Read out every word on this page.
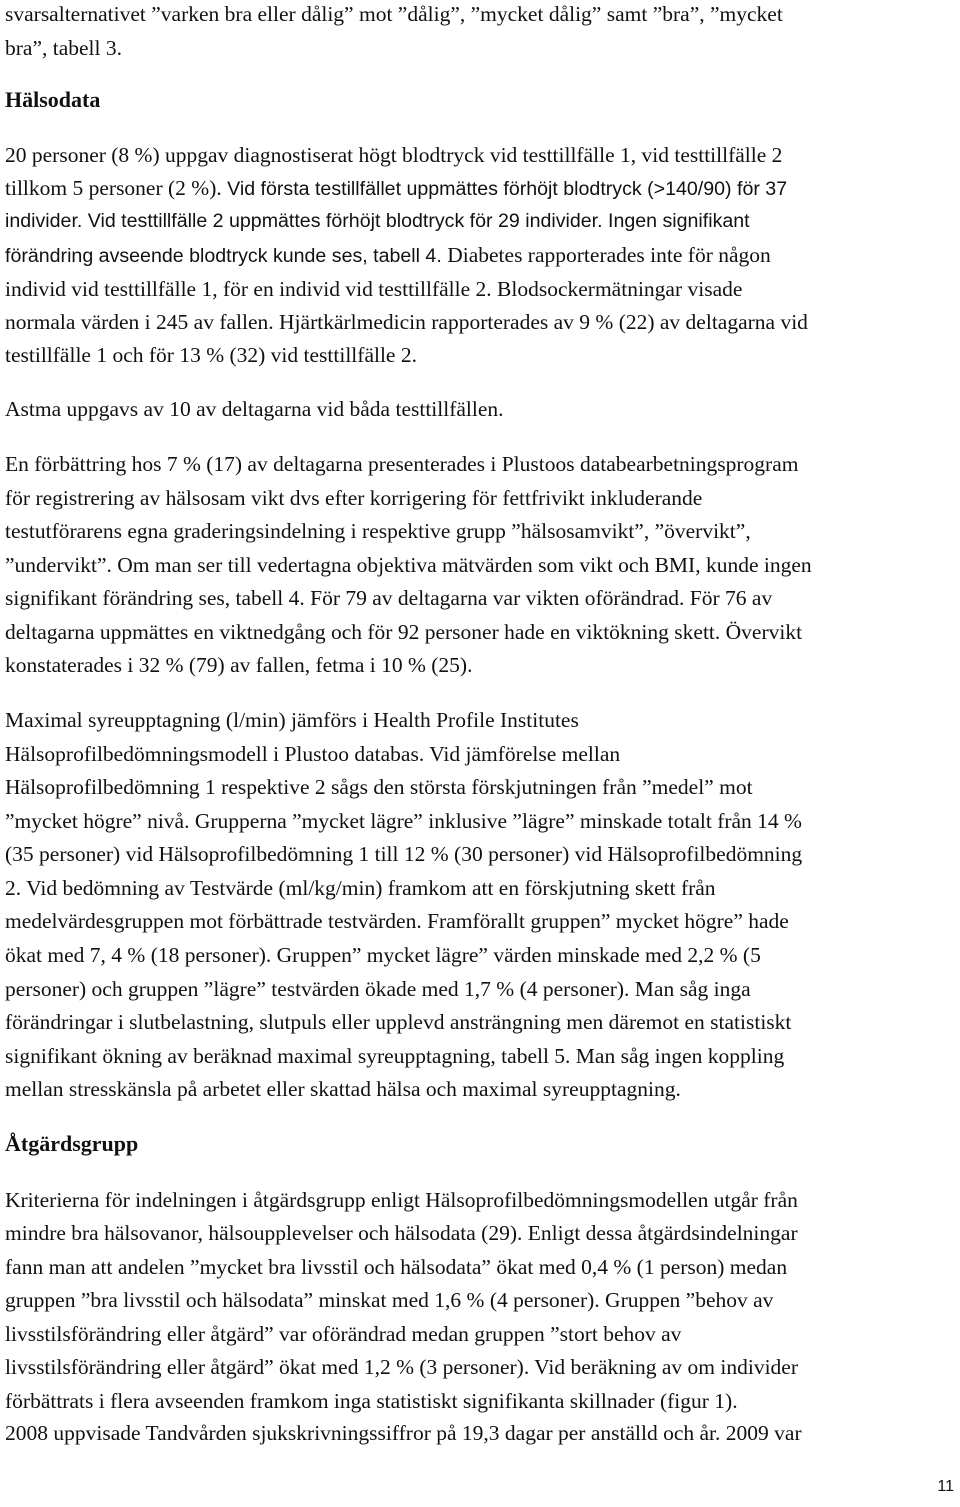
svarsalternativet ”varken bra eller dålig” mot ”dålig”, ”mycket dålig” samt ”bra”, ”mycket
bra”, tabell 3.
Hälsodata
20 personer (8 %) uppgav diagnostiserat högt blodtryck vid testtillfälle 1, vid testtillfälle 2
tillkom 5 personer (2 %). Vid första testillfället uppmättes förhöjt blodtryck (>140/90) för 37
individer. Vid testtillfälle 2 uppmättes förhöjt blodtryck för 29 individer. Ingen signifikant
förändring avseende blodtryck kunde ses, tabell 4. Diabetes rapporterades inte för någon
individ vid testtillfälle 1, för en individ vid testtillfälle 2. Blodsockermätningar visade
normala värden i 245 av fallen. Hjärtkärlmedicin rapporterades av 9 % (22) av deltagarna vid
testillfälle 1 och för 13 % (32) vid testtillfälle 2.
Astma uppgavs av 10 av deltagarna vid båda testtillfällen.
En förbättring hos 7 % (17) av deltagarna presenterades i Plustoos databearbetningsprogram
för registrering av hälsosam vikt dvs efter korrigering för fettfrivikt inkluderande
testutförarens egna graderingsindelning i respektive grupp ”hälsosamvikt”, ”övervikt”,
”undervikt”. Om man ser till vedertagna objektiva mätvärden som vikt och BMI, kunde ingen
signifikant förändring ses, tabell 4. För 79 av deltagarna var vikten oförändrad. För 76 av
deltagarna uppmättes en viktnedgång och för 92 personer hade en viktökning skett. Övervikt
konstaterades i 32 % (79) av fallen, fetma i 10 % (25).
Maximal syreupptagning (l/min) jämförs i Health Profile Institutes
Hälsoprofilbedömningsmodell i Plustoo databas. Vid jämförelse mellan
Hälsoprofilbedömning 1 respektive 2 sågs den största förskjutningen från ”medel” mot
”mycket högre” nivå. Grupperna ”mycket lägre” inklusive ”lägre” minskade totalt från 14 %
(35 personer) vid Hälsoprofilbedömning 1 till 12 % (30 personer) vid Hälsoprofilbedömning
2. Vid bedömning av Testvärde (ml/kg/min) framkom att en förskjutning skett från
medelvärdesgruppen mot förbättrade testvärden. Framförallt gruppen” mycket högre” hade
ökat med 7, 4 % (18 personer). Gruppen” mycket lägre” värden minskade med 2,2 % (5
personer) och gruppen ”lägre” testvärden ökade med 1,7 % (4 personer). Man såg inga
förändringar i slutbelastning, slutpuls eller upplevd ansträngning men däremot en statistiskt
signifikant ökning av beräknad maximal syreupptagning, tabell 5. Man såg ingen koppling
mellan stresskänsla på arbetet eller skattad hälsa och maximal syreupptagning.
Åtgärdsgrupp
Kriterierna för indelningen i åtgärdsgrupp enligt Hälsoprofilbedömningsmodellen utgår från
mindre bra hälsovanor, hälsoupplevelser och hälsodata (29). Enligt dessa åtgärdsindelningar
fann man att andelen ”mycket bra livsstil och hälsodata” ökat med 0,4 % (1 person) medan
gruppen ”bra livsstil och hälsodata” minskat med 1,6 % (4 personer). Gruppen ”behov av
livsstilsförändring eller åtgärd” var oförändrad medan gruppen ”stort behov av
livsstilsförändring eller åtgärd” ökat med 1,2 % (3 personer). Vid beräkning av om individer
förbättrats i flera avseenden framkom inga statistiskt signifikanta skillnader (figur 1).
2008 uppvisade Tandvården sjukskrivningssiffror på 19,3 dagar per anställd och år. 2009 var
11
